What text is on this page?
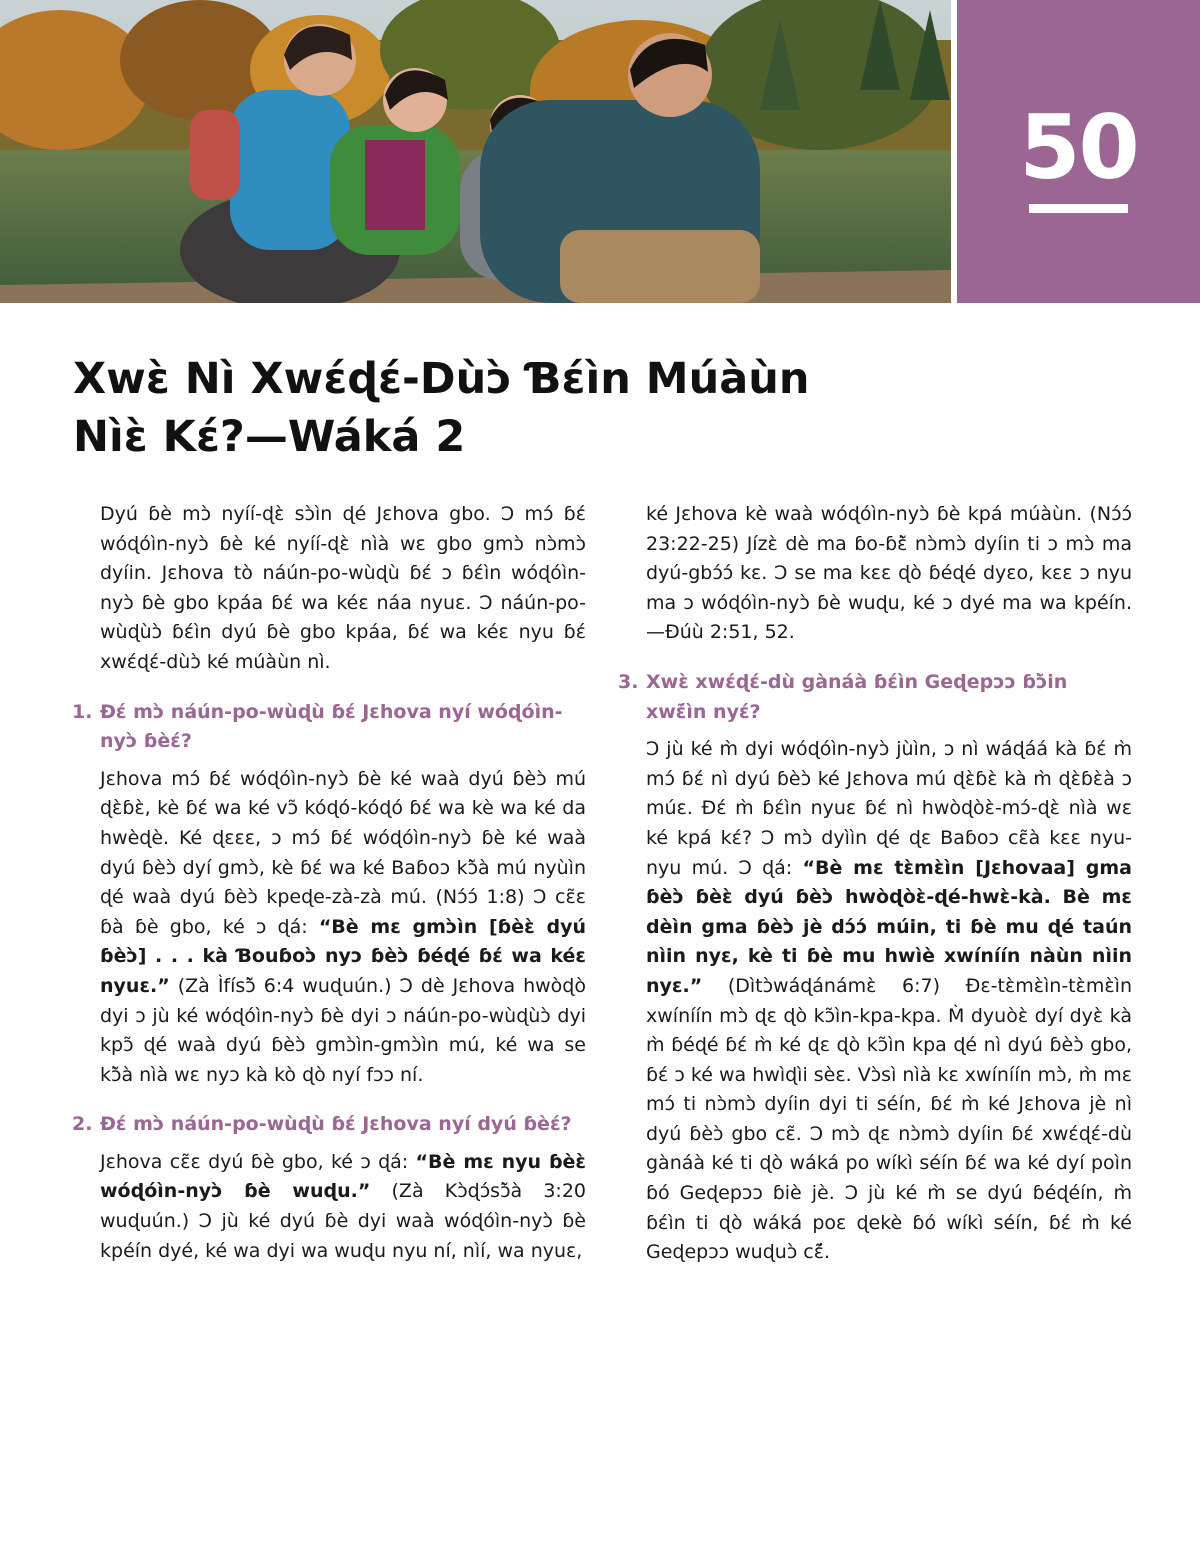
50
Xwɛ̀ Nì Xwɛ́ɖɛ́-Dùɔ̀ Ɓɛ́ìn Múàùn
Nìɛ̀ Kɛ́?—Wáká 2

Dyú ɓè mɔ̀ nyíí-ɖɛ̀ sɔ̀ìn ɖé Jɛhova gbo. Ɔ mɔ́ ɓɛ́ wóɖóìn-nyɔ̀ ɓè ké nyíí-ɖɛ̀ nìà wɛ gbo gmɔ̀ nɔ̀mɔ̀ dyíin. Jɛhova tò náún-po-wùɖù ɓɛ́ ɔ ɓɛ́ìn wóɖóìn-nyɔ̀ ɓè gbo kpáa ɓɛ́ wa kéɛ náa nyuɛ. Ɔ náún-po-wùɖùɔ̀ ɓɛ́ìn dyú ɓè gbo kpáa, ɓɛ́ wa kéɛ nyu ɓɛ́ xwɛ́ɖɛ́-dùɔ̀ ké múàùn nì.

1. Ɖɛ́ mɔ̀ náún-po-wùɖù ɓɛ́ Jɛhova nyí wóɖóìn-nyɔ̀ ɓèɛ́?

Jɛhova mɔ́ ɓɛ́ wóɖóìn-nyɔ̀ ɓè ké waà dyú ɓèɔ̀ mú ɖɛ̀ɓɛ̀, kè ɓɛ́ wa ké vɔ̃ kóɖó-kóɖó ɓɛ́ wa kè wa ké da hwèɖè. Ké ɖɛɛɛ, ɔ mɔ́ ɓɛ́ wóɖóìn-nyɔ̀ ɓè ké waà dyú ɓèɔ̀ dyí gmɔ̀, kè ɓɛ́ wa ké Baɓoɔ kɔ̃̀à mú nyùìn ɖé waà dyú ɓèɔ̀ kpeɖe-zà-zà mú. (Nɔ́ɔ́ 1:8) Ɔ cɛ̃ɛ ɓà ɓè gbo, ké ɔ ɖá: “Bè mɛ gmɔ̀ìn [ɓèɛ̀ dyú ɓèɔ̀] . . . kà Ɓouɓoɔ̀ nyɔ ɓèɔ̀ ɓéɖé ɓɛ́ wa kéɛ nyuɛ.” (Zà Ìfísɔ̃̀ 6:4 wuɖuún.) Ɔ dè Jɛhova hwòɖò dyi ɔ jù ké wóɖóìn-nyɔ̀ ɓè dyi ɔ náún-po-wùɖùɔ̀ dyi kpɔ̃ ɖé waà dyú ɓèɔ̀ gmɔ̀ìn-gmɔ̀ìn mú, ké wa se kɔ̃̀à nìà wɛ nyɔ kà kò ɖò nyí fɔɔ ní.

2. Ɖɛ́ mɔ̀ náún-po-wùɖù ɓɛ́ Jɛhova nyí dyú ɓèɛ́?

Jɛhova cɛ̃ɛ dyú ɓè gbo, ké ɔ ɖá: “Bè mɛ nyu ɓèɛ̀ wóɖóìn-nyɔ̀ ɓè wuɖu.” (Zà Kɔ̀ɖɔ́sɔ̃̀à 3:20 wuɖuún.) Ɔ jù ké dyú ɓè dyi waà wóɖóìn-nyɔ̀ ɓè kpéín dyé, ké wa dyi wa wuɖu nyu ní, nìí, wa nyuɛ,

ké Jɛhova kè waà wóɖóìn-nyɔ̀ ɓè kpá múàùn. (Nɔ́ɔ́ 23:22-25) Jízɛ̀ dè ma ɓo-ɓɛ̃̀ nɔ̀mɔ̀ dyíin ti ɔ mɔ̀ ma dyú-gbɔ́ɔ́ kɛ. Ɔ se ma kɛɛ ɖò ɓéɖé dyɛo, kɛɛ ɔ nyu ma ɔ wóɖóìn-nyɔ̀ ɓè wuɖu, ké ɔ dyé ma wa kpéín.—Ɖúù 2:51, 52.

3. Xwɛ̀ xwɛ́ɖɛ́-dù gànáà ɓɛ́ìn Geɖepɔɔ ɓɔ̃̀in xwɛ̃́ìn nyɛ́?

Ɔ jù ké m̀ dyi wóɖóìn-nyɔ̀ jùìn, ɔ nì wáɖáá kà ɓɛ́ m̀ mɔ́ ɓɛ́ nì dyú ɓèɔ̀ ké Jɛhova mú ɖɛ̀ɓɛ̀ kà m̀ ɖɛ̀ɓɛ̀à ɔ múɛ. Ɖɛ́ m̀ ɓɛ́ìn nyuɛ ɓɛ́ nì hwòɖòɛ̀-mɔ́-ɖɛ̀ nìà wɛ ké kpá kɛ́? Ɔ mɔ̀ dyììn ɖé ɖɛ Baɓoɔ cɛ̃à kɛɛ nyu-nyu mú. Ɔ ɖá: “Bè mɛ tɛ̀mɛ̀ìn [Jɛhovaa] gma ɓèɔ̀ ɓèɛ̀ dyú ɓèɔ̀ hwòɖòɛ̀-ɖé-hwɛ̀-kà. Bè mɛ dèìn gma ɓèɔ̀ jè dɔ́ɔ́ múin, ti ɓè mu ɖé taún nìin nyɛ, kè ti ɓè mu hwìè xwíníín nàùn nìin nyɛ.” (Dìtɔ̀wáɖánámɛ̀ 6:7) Ɖɛ-tɛ̀mɛ̀ìn-tɛ̀mɛ̀ìn xwíníín mɔ̀ ɖɛ ɖò kɔ̃ìn-kpa-kpa. M̀ dyuòɛ̀ dyí dyɛ̀ kà m̀ ɓéɖé ɓɛ́ m̀ ké ɖɛ ɖò kɔ̃ìn kpa ɖé nì dyú ɓèɔ̀ gbo, ɓɛ́ ɔ ké wa hwìɖìi sèɛ. Vɔ̀sì nìà kɛ xwíníín mɔ̀, m̀ mɛ mɔ́ ti nɔ̀mɔ̀ dyíin dyi ti séín, ɓɛ́ m̀ ké Jɛhova jè nì dyú ɓèɔ̀ gbo cɛ̃. Ɔ mɔ̀ ɖɛ nɔ̀mɔ̀ dyíin ɓɛ́ xwɛ́ɖɛ́-dù gànáà ké ti ɖò wáká po wíkì séín ɓɛ́ wa ké dyí poìn ɓó Geɖepɔɔ ɓiè jè. Ɔ jù ké m̀ se dyú ɓéɖéín, m̀ ɓɛ́ìn ti ɖò wáká poɛ ɖekè ɓó wíkì séín, ɓɛ́ m̀ ké Geɖepɔɔ wuɖuɔ̀ cɛ̃́.
